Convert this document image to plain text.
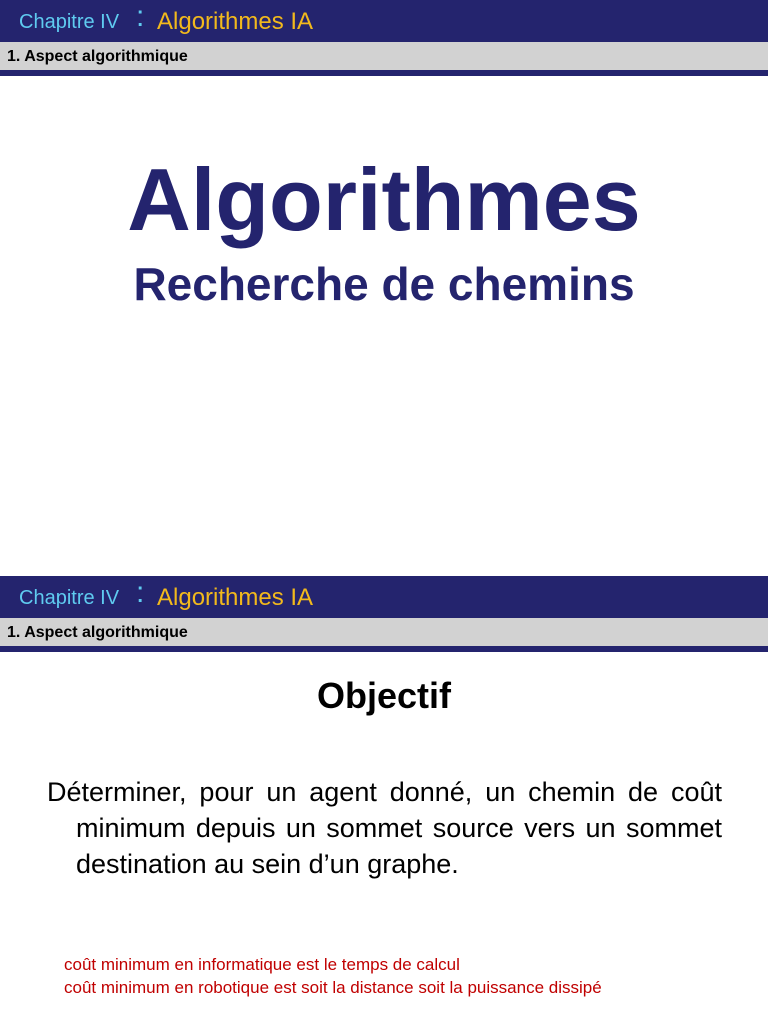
Chapitre IV : Algorithmes IA
1. Aspect algorithmique
Algorithmes
Recherche de chemins
Chapitre IV : Algorithmes IA
1. Aspect algorithmique
Objectif
Déterminer, pour un agent donné, un chemin de coût minimum depuis un sommet source vers un sommet destination au sein d’un graphe.
coût minimum en informatique est le temps de calcul
coût minimum en robotique est soit la distance soit la puissance dissipé
